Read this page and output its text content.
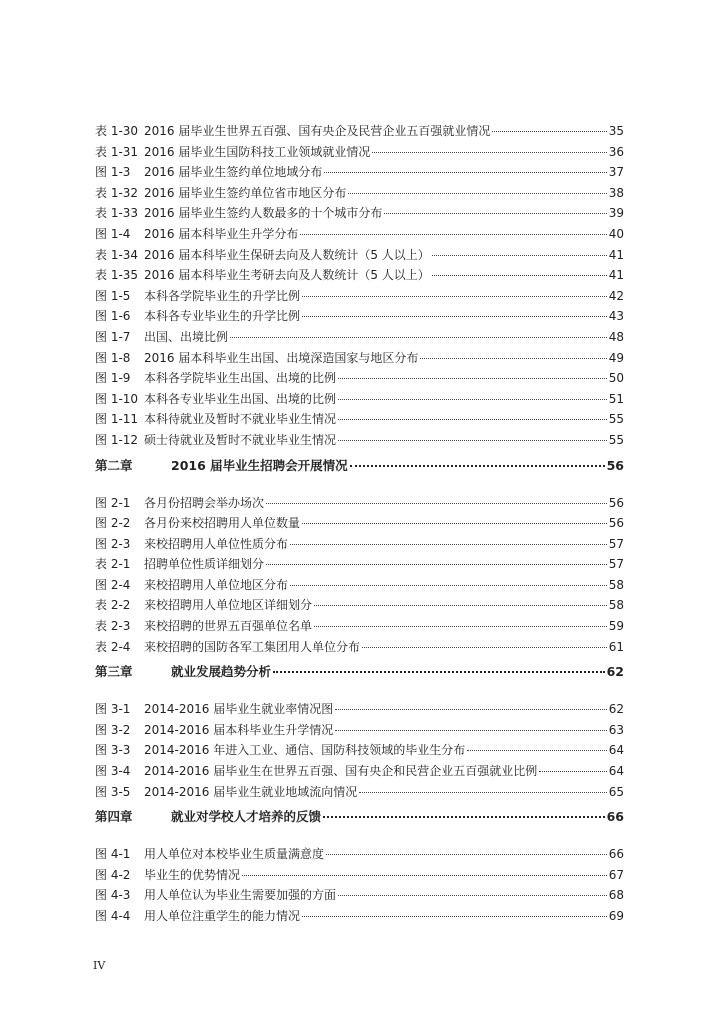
表 1-30 2016 届毕业生世界五百强、国有央企及民营企业五百强就业情况	35
表 1-31 2016 届毕业生国防科技工业领域就业情况	36
图 1-3	2016 届毕业生签约单位地域分布	37
表 1-32 2016 届毕业生签约单位省市地区分布	38
表 1-33 2016 届毕业生签约人数最多的十个城市分布	39
图 1-4	2016 届本科毕业生升学分布	40
表 1-34 2016 届本科毕业生保研去向及人数统计（5 人以上）	41
表 1-35 2016 届本科毕业生考研去向及人数统计（5 人以上）	41
图 1-5	本科各学院毕业生的升学比例	42
图 1-6	本科各专业毕业生的升学比例	43
图 1-7	出国、出境比例	48
图 1-8	2016 届本科毕业生出国、出境深造国家与地区分布	49
图 1-9	本科各学院毕业生出国、出境的比例	50
图 1-10 本科各专业毕业生出国、出境的比例	51
图 1-11 本科待就业及暂时不就业毕业生情况	55
图 1-12 硕士待就业及暂时不就业毕业生情况	55
第二章	2016 届毕业生招聘会开展情况	56
图 2-1	各月份招聘会举办场次	56
图 2-2	各月份来校招聘用人单位数量	56
图 2-3	来校招聘用人单位性质分布	57
表 2-1	招聘单位性质详细划分	57
图 2-4	来校招聘用人单位地区分布	58
表 2-2	来校招聘用人单位地区详细划分	58
表 2-3	来校招聘的世界五百强单位名单	59
表 2-4	来校招聘的国防各军工集团用人单位分布	61
第三章	就业发展趋势分析	62
图 3-1	2014-2016 届毕业生就业率情况图	62
图 3-2	2014-2016 届本科毕业生升学情况	63
图 3-3	2014-2016 年进入工业、通信、国防科技领域的毕业生分布	64
图 3-4	2014-2016 届毕业生在世界五百强、国有央企和民营企业五百强就业比例	64
图 3-5	2014-2016 届毕业生就业地域流向情况	65
第四章	就业对学校人才培养的反馈	66
图 4-1	用人单位对本校毕业生质量满意度	66
图 4-2	毕业生的优势情况	67
图 4-3	用人单位认为毕业生需要加强的方面	68
图 4-4	用人单位注重学生的能力情况	69
IV
